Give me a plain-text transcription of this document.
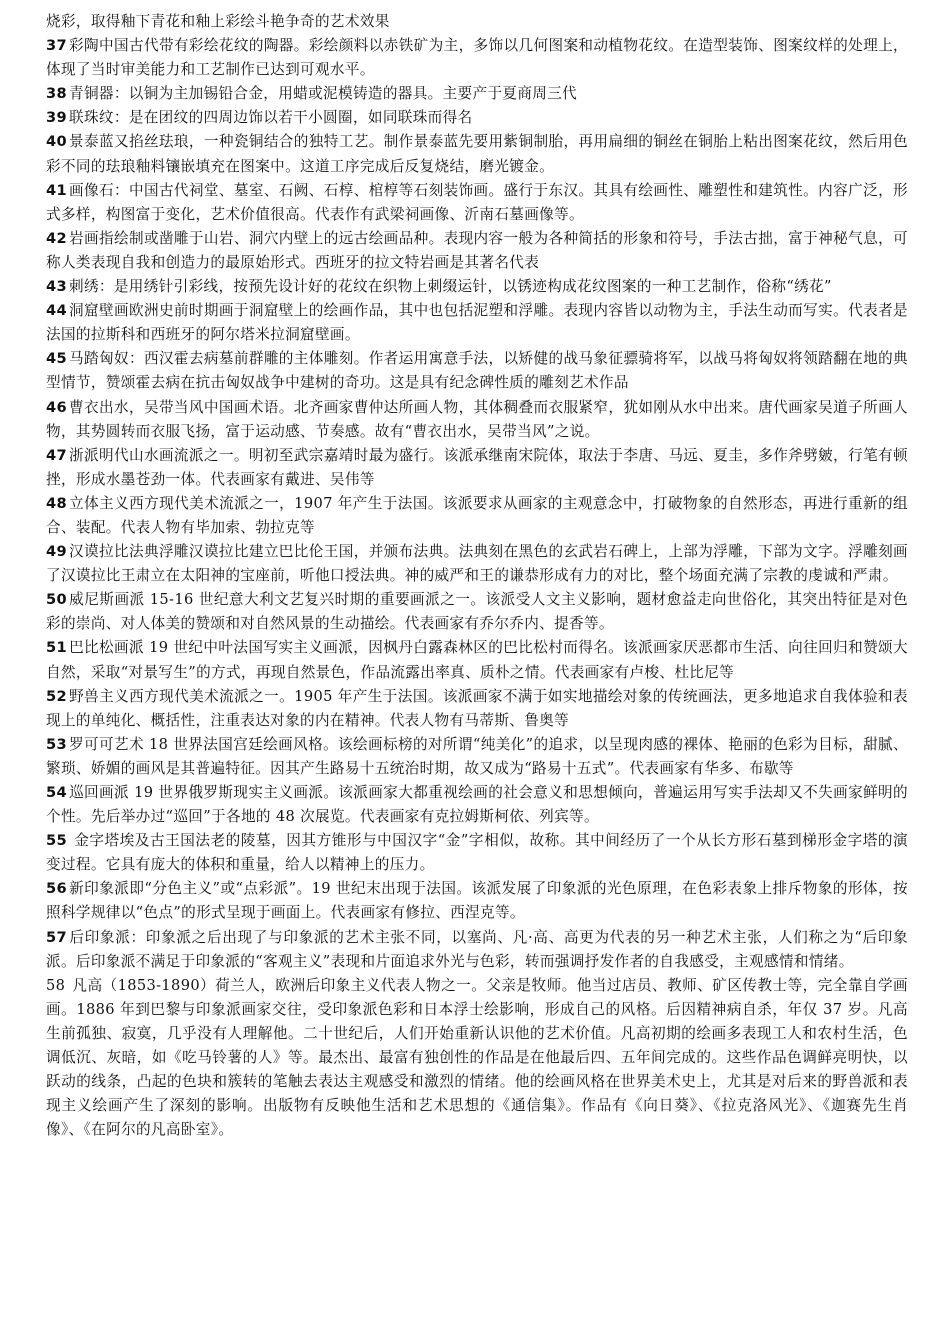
烧彩，取得釉下青花和釉上彩绘斗艳争奇的艺术效果

37 彩陶中国古代带有彩绘花纹的陶器。彩绘颜料以赤铁矿为主，多饰以几何图案和动植物花纹。在造型装饰、图案纹样的处理上，体现了当时审美能力和工艺制作已达到可观水平。

38 青铜器：以铜为主加锡铅合金，用蜡或泥模铸造的器具。主要产于夏商周三代

39 联珠纹：是在团纹的四周边饰以若干小圆圈，如同联珠而得名

40 景泰蓝又掐丝珐琅，一种瓷铜结合的独特工艺。制作景泰蓝先要用紫铜制胎，再用扁细的铜丝在铜胎上粘出图案花纹，然后用色彩不同的珐琅釉料镶嵌填充在图案中。这道工序完成后反复烧结，磨光镀金。

41 画像石：中国古代祠堂、墓室、石阙、石椁、棺椁等石刻装饰画。盛行于东汉。其具有绘画性、雕塑性和建筑性。内容广泛，形式多样，构图富于变化，艺术价值很高。代表作有武梁祠画像、沂南石墓画像等。

42 岩画指绘制或凿雕于山岩、洞穴内壁上的远古绘画品种。表现内容一般为各种简括的形象和符号，手法古拙，富于神秘气息，可称人类表现自我和创造力的最原始形式。西班牙的拉文特岩画是其著名代表

43 刺绣：是用绣针引彩线，按预先设计好的花纹在织物上刺缀运针，以锈迹构成花纹图案的一种工艺制作，俗称“绣花”

44 洞窟壁画欧洲史前时期画于洞窟壁上的绘画作品，其中也包括泥塑和浮雕。表现内容皆以动物为主，手法生动而写实。代表者是法国的拉斯科和西班牙的阿尔塔米拉洞窟壁画。

45 马踏匈奴：西汉霍去病墓前群雕的主体雕刻。作者运用寓意手法，以矫健的战马象征骠骑将军，以战马将匈奴将领踏翻在地的典型情节，赞颂霍去病在抗击匈奴战争中建树的奇功。这是具有纪念碑性质的雕刻艺术作品

46 曹衣出水，吴带当风中国画术语。北齐画家曹仲达所画人物，其体稠叠而衣服紧窄，犹如刚从水中出来。唐代画家吴道子所画人物，其势圆转而衣服飞扬，富于运动感、节奏感。故有“曹衣出水，吴带当风”之说。

47 浙派明代山水画流派之一。明初至武宗嘉靖时最为盛行。该派承继南宋院体，取法于李唐、马远、夏圭，多作斧劈皴，行笔有顿挫，形成水墨苍劲一体。代表画家有戴进、吴伟等

48 立体主义西方现代美术流派之一，1907 年产生于法国。该派要求从画家的主观意念中，打破物象的自然形态，再进行重新的组合、装配。代表人物有毕加索、勃拉克等

49 汉谟拉比法典浮雕汉谟拉比建立巴比伦王国，并颁布法典。法典刻在黑色的玄武岩石碑上，上部为浮雕，下部为文字。浮雕刻画了汉谟拉比王肃立在太阳神的宝座前，听他口授法典。神的威严和王的谦恭形成有力的对比，整个场面充满了宗教的虔诚和严肃。

50 威尼斯画派 15-16 世纪意大利文艺复兴时期的重要画派之一。该派受人文主义影响，题材愈益走向世俗化，其突出特征是对色彩的崇尚、对人体美的赞颂和对自然风景的生动描绘。代表画家有乔尔乔内、提香等。

51 巴比松画派 19 世纪中叶法国写实主义画派，因枫丹白露森林区的巴比松村而得名。该派画家厌恶都市生活、向往回归和赞颂大自然，采取“对景写生”的方式，再现自然景色，作品流露出率真、质朴之情。代表画家有卢梭、杜比尼等

52 野兽主义西方现代美术流派之一。1905 年产生于法国。该派画家不满于如实地描绘对象的传统画法，更多地追求自我体验和表现上的单纯化、概括性，注重表达对象的内在精神。代表人物有马蒂斯、鲁奥等

53 罗可可艺术 18 世界法国宫廷绘画风格。该绘画标榜的对所谓“纯美化”的追求，以呈现肉感的裸体、艳丽的色彩为目标，甜腻、繁琐、娇媚的画风是其普遍特征。因其产生路易十五统治时期，故又成为“路易十五式”。代表画家有华多、布歇等

54 巡回画派 19 世界俄罗斯现实主义画派。该派画家大都重视绘画的社会意义和思想倾向，普遍运用写实手法却又不失画家鲜明的个性。先后举办过“巡回”于各地的 48 次展览。代表画家有克拉姆斯柯依、列宾等。

55 金字塔埃及古王国法老的陵墓，因其方锥形与中国汉字“金”字相似，故称。其中间经历了一个从长方形石墓到梯形金字塔的演变过程。它具有庞大的体积和重量，给人以精神上的压力。

56 新印象派即“分色主义”或“点彩派”。19 世纪末出现于法国。该派发展了印象派的光色原理，在色彩表象上排斥物象的形体，按照科学规律以“色点”的形式呈现于画面上。代表画家有修拉、西涅克等。

57 后印象派：印象派之后出现了与印象派的艺术主张不同，以塞尚、凡·高、高更为代表的另一种艺术主张，人们称之为“后印象派。后印象派不满足于印象派的“客观主义”表现和片面追求外光与色彩，转而强调抒发作者的自我感受，主观感情和情绪。

58 凡高（1853-1890）荷兰人，欧洲后印象主义代表人物之一。父亲是牧师。他当过店员、教师、矿区传教士等，完全靠自学画画。1886 年到巴黎与印象派画家交往，受印象派色彩和日本浮士绘影响，形成自己的风格。后因精神病自杀，年仅 37 岁。凡高生前孤独、寂寞，几乎没有人理解他。二十世纪后，人们开始重新认识他的艺术价值。凡高初期的绘画多表现工人和农村生活，色调低沉、灰暗，如《吃马铃薯的人》等。最杰出、最富有独创性的作品是在他最后四、五年间完成的。这些作品色调鲜亮明快，以跃动的线条，凸起的色块和簇转的笔触去表达主观感受和激烈的情绪。他的绘画风格在世界美术史上，尤其是对后来的野兽派和表现主义绘画产生了深刻的影响。出版物有反映他生活和艺术思想的《通信集》。作品有《向日葵》、《拉克洛风光》、《迦赛先生肖像》、《在阿尔的凡高卧室》。
